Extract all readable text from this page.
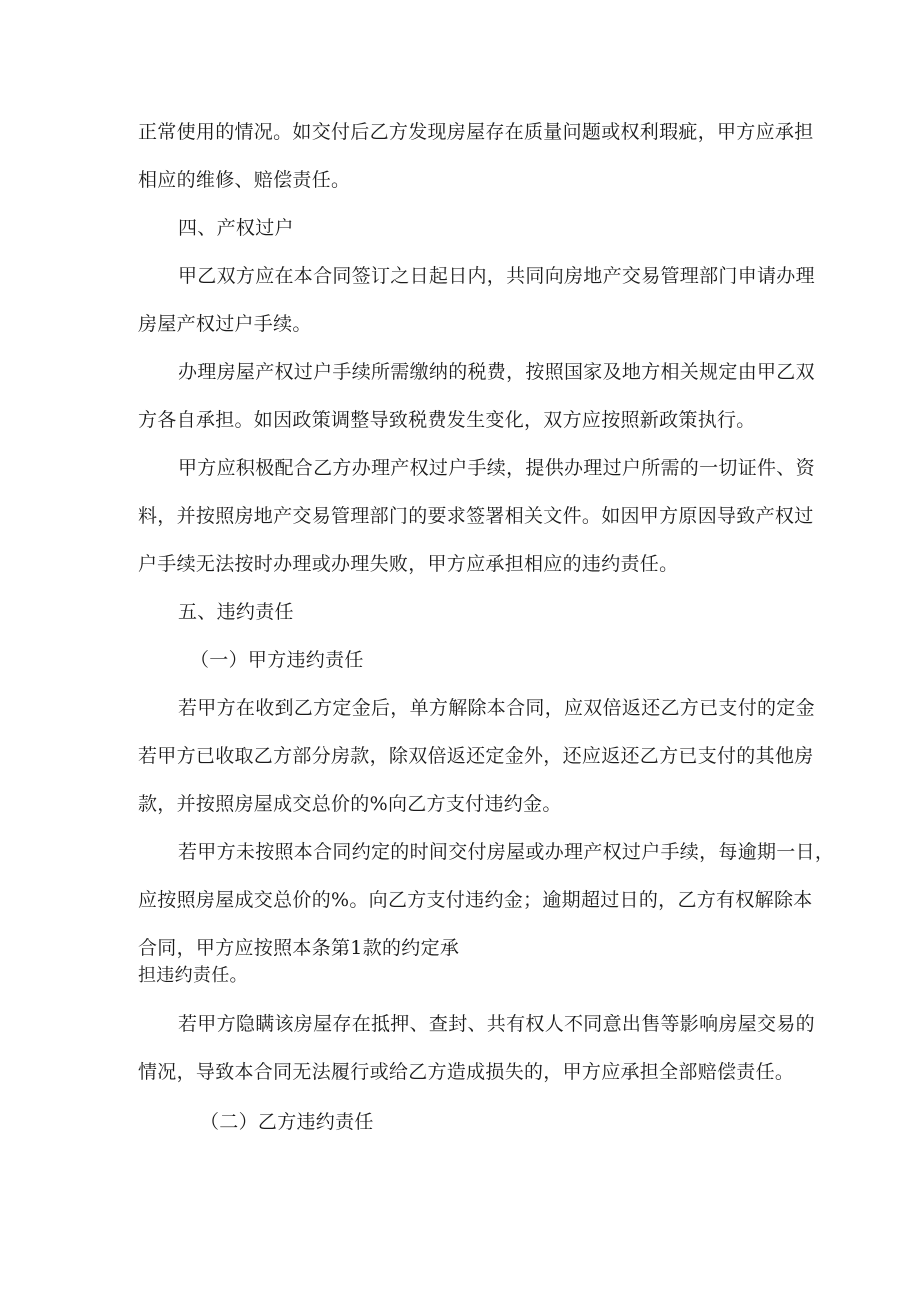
正常使用的情况。如交付后乙方发现房屋存在质量问题或权利瑕疵，甲方应承担
相应的维修、赔偿责任。
四、产权过户
甲乙双方应在本合同签订之日起日内，共同向房地产交易管理部门申请办理
房屋产权过户手续。
办理房屋产权过户手续所需缴纳的税费，按照国家及地方相关规定由甲乙双
方各自承担。如因政策调整导致税费发生变化，双方应按照新政策执行。
甲方应积极配合乙方办理产权过户手续，提供办理过户所需的一切证件、资
料，并按照房地产交易管理部门的要求签署相关文件。如因甲方原因导致产权过
户手续无法按时办理或办理失败，甲方应承担相应的违约责任。
五、违约责任
（一）甲方违约责任
若甲方在收到乙方定金后，单方解除本合同，应双倍返还乙方已支付的定金
若甲方已收取乙方部分房款，除双倍返还定金外，还应返还乙方已支付的其他房
款，并按照房屋成交总价的%向乙方支付违约金。
若甲方未按照本合同约定的时间交付房屋或办理产权过户手续，每逾期一日，
应按照房屋成交总价的%。向乙方支付违约金；逾期超过日的，乙方有权解除本
合同，甲方应按照本条第1款的约定承
担违约责任。
若甲方隐瞒该房屋存在抵押、查封、共有权人不同意出售等影响房屋交易的
情况，导致本合同无法履行或给乙方造成损失的，甲方应承担全部赔偿责任。
（二）乙方违约责任
